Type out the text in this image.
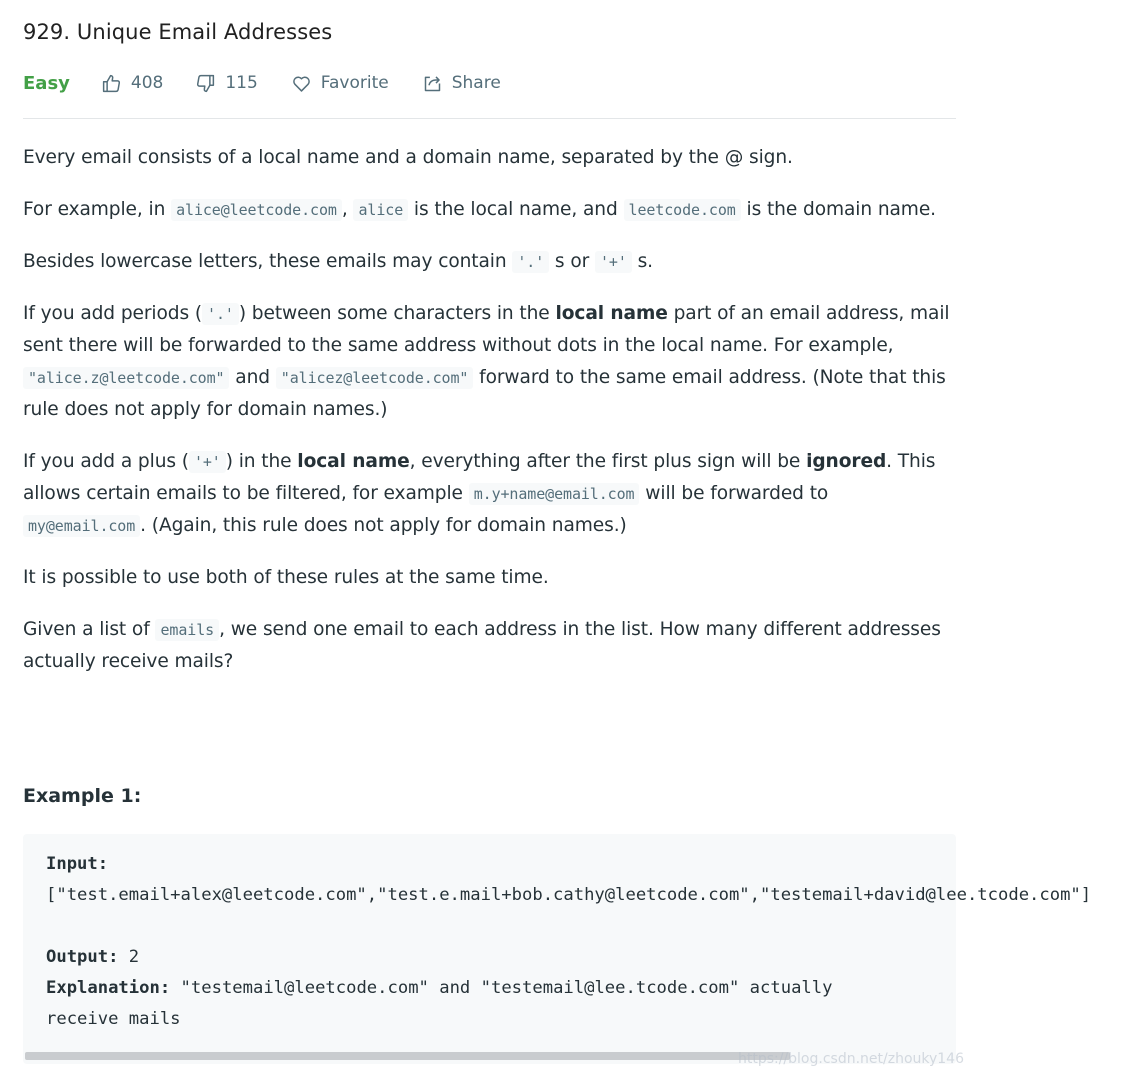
929. Unique Email Addresses
Easy	408	115	Favorite	Share

Every email consists of a local name and a domain name, separated by the @ sign.

For example, in alice@leetcode.com , alice is the local name, and leetcode.com is the domain name.

Besides lowercase letters, these emails may contain '.' s or '+' s.

If you add periods ( '.' ) between some characters in the local name part of an email address, mail sent there will be forwarded to the same address without dots in the local name. For example, "alice.z@leetcode.com" and "alicez@leetcode.com" forward to the same email address. (Note that this rule does not apply for domain names.)

If you add a plus ( '+' ) in the local name, everything after the first plus sign will be ignored. This allows certain emails to be filtered, for example m.y+name@email.com will be forwarded to my@email.com . (Again, this rule does not apply for domain names.)

It is possible to use both of these rules at the same time.

Given a list of emails , we send one email to each address in the list. How many different addresses actually receive mails?

Example 1:
Input:
["test.email+alex@leetcode.com","test.e.mail+bob.cathy@leetcode.com","testemail+david@lee.tcode.com"]

Output: 2
Explanation: "testemail@leetcode.com" and "testemail@lee.tcode.com" actually
receive mails
https://blog.csdn.net/zhouky146
